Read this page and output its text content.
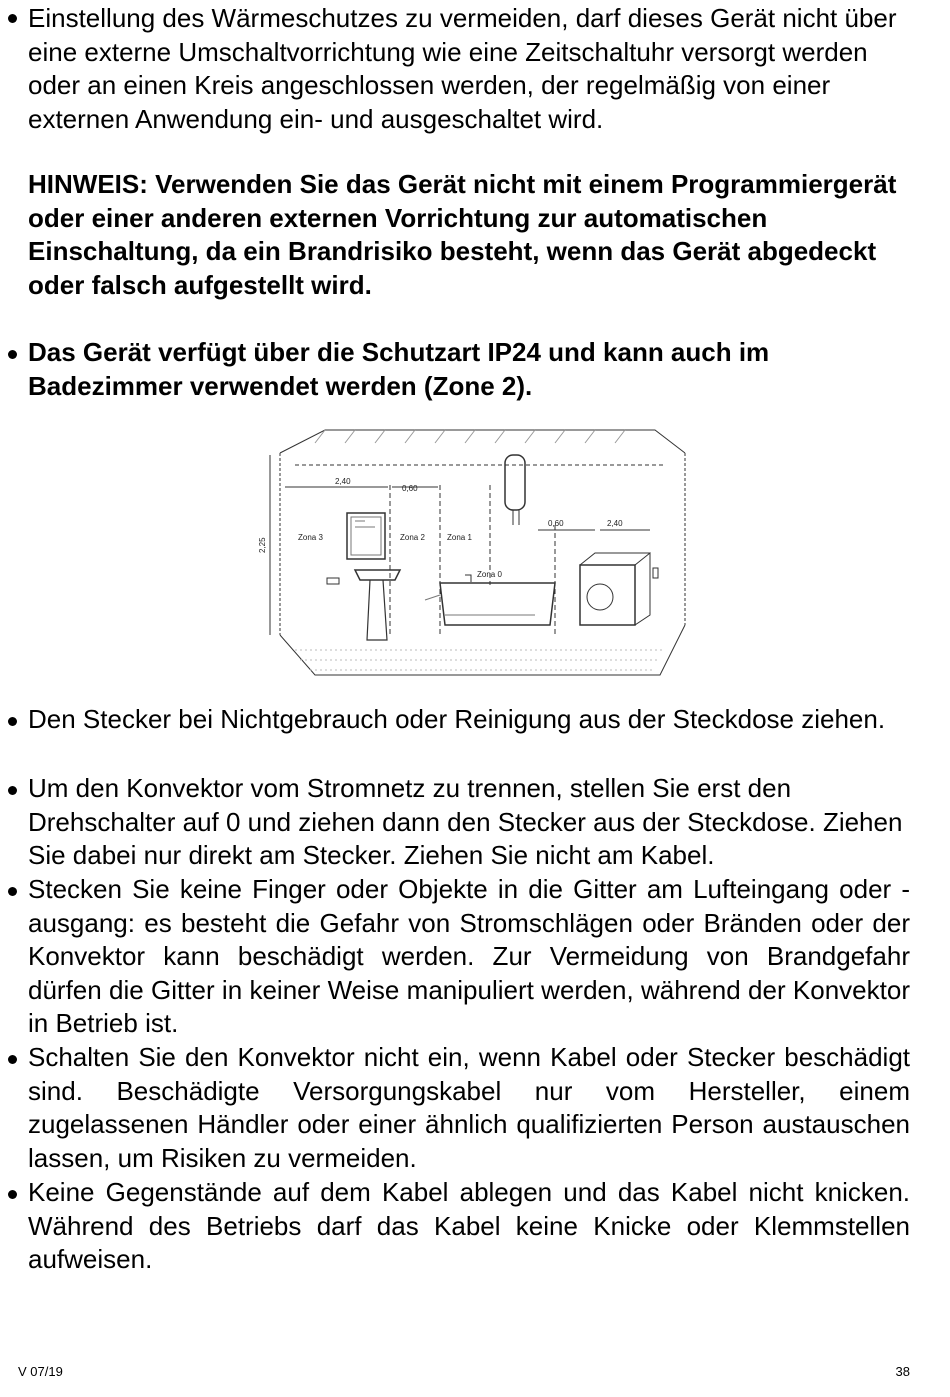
Einstellung des Wärmeschutzes zu vermeiden, darf dieses Gerät nicht über eine externe Umschaltvorrichtung wie eine Zeitschaltuhr versorgt werden oder an einen Kreis angeschlossen werden, der regelmäßig von einer externen Anwendung ein- und ausgeschaltet wird.

HINWEIS: Verwenden Sie das Gerät nicht mit einem Programmiergerät oder einer anderen externen Vorrichtung zur automatischen Einschaltung, da ein Brandrisiko besteht, wenn das Gerät abgedeckt oder falsch aufgestellt wird.

Das Gerät verfügt über die Schutzart IP24 und kann auch im Badezimmer verwendet werden (Zone 2).

2,40
0,60
0,60	2,40
2,25	Zona 3	Zona 2	Zona 1
Zona 0

Den Stecker bei Nichtgebrauch oder Reinigung aus der Steckdose ziehen.

Um den Konvektor vom Stromnetz zu trennen, stellen Sie erst den Drehschalter auf 0 und ziehen dann den Stecker aus der Steckdose. Ziehen Sie dabei nur direkt am Stecker. Ziehen Sie nicht am Kabel.

Stecken Sie keine Finger oder Objekte in die Gitter am Lufteingang oder -ausgang: es besteht die Gefahr von Stromschlägen oder Bränden oder der Konvektor kann beschädigt werden. Zur Vermeidung von Brandgefahr dürfen die Gitter in keiner Weise manipuliert werden, während der Konvektor in Betrieb ist.

Schalten Sie den Konvektor nicht ein, wenn Kabel oder Stecker beschädigt sind. Beschädigte Versorgungskabel nur vom Hersteller, einem zugelassenen Händler oder einer ähnlich qualifizierten Person austauschen lassen, um Risiken zu vermeiden.

Keine Gegenstände auf dem Kabel ablegen und das Kabel nicht knicken. Während des Betriebs darf das Kabel keine Knicke oder Klemmstellen aufweisen.

V 07/19	38
